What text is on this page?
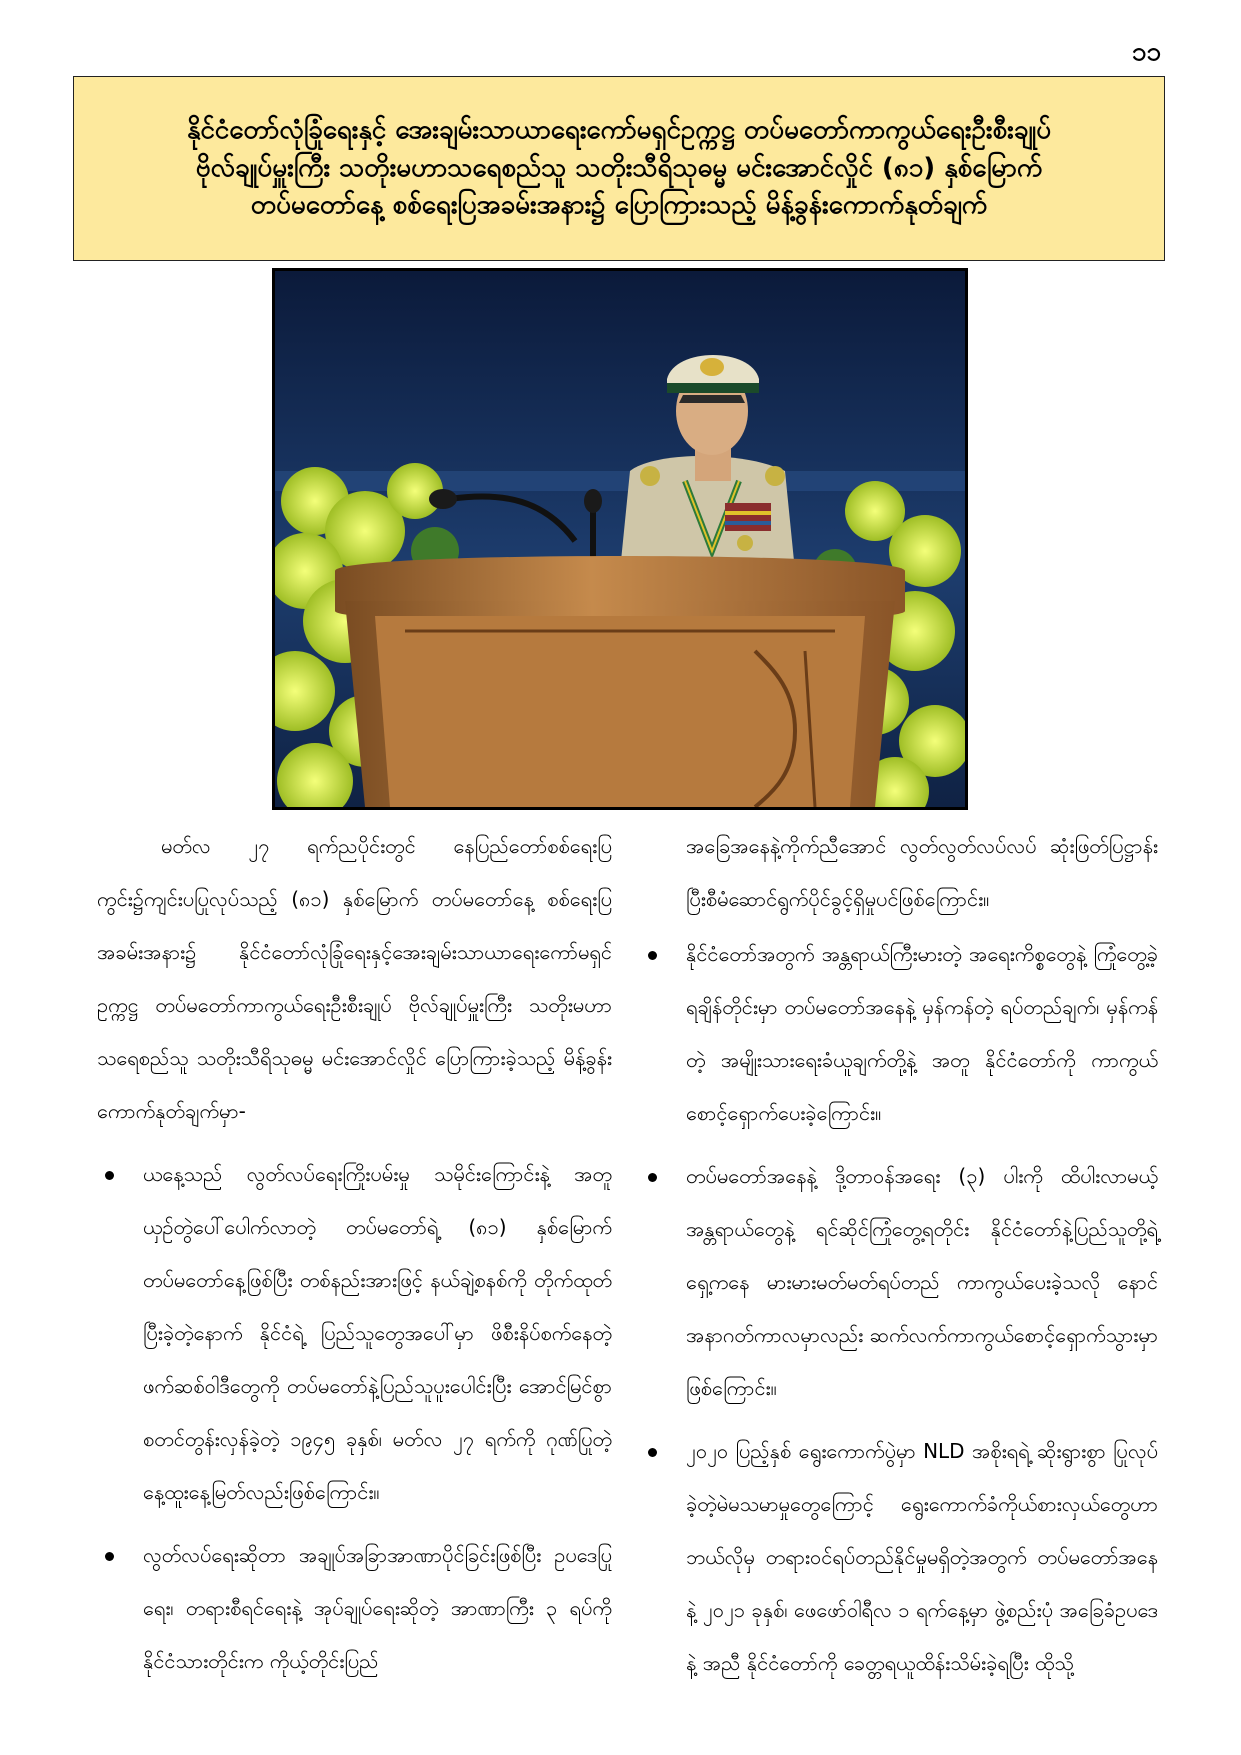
၁၁
နိုင်ငံတော်လုံခြုံရေးနှင့် အေးချမ်းသာယာရေးကော်မရှင်ဥက္ကဋ္ဌ တပ်မတော်ကာကွယ်ရေးဦးစီးချုပ်
ဗိုလ်ချုပ်မှူးကြီး သတိုးမဟာသရေစည်သူ သတိုးသီရိသုဓမ္မ မင်းအောင်လှိုင် (၈၁) နှစ်မြောက်
တပ်မတော်နေ့ စစ်ရေးပြအခမ်းအနား၌ ပြောကြားသည့် မိန့်ခွန်းကောက်နုတ်ချက်

မတ်လ ၂၇ ရက်ညပိုင်းတွင် နေပြည်တော်စစ်ရေးပြကွင်း၌ကျင်းပပြုလုပ်သည့် (၈၁) နှစ်မြောက် တပ်မတော်နေ့ စစ်ရေးပြအခမ်းအနား၌ နိုင်ငံတော်လုံခြုံရေးနှင့်အေးချမ်းသာယာရေးကော်မရှင်ဥက္ကဋ္ဌ တပ်မတော်ကာကွယ်ရေးဦးစီးချုပ် ဗိုလ်ချုပ်မှူးကြီး သတိုးမဟာသရေစည်သူ သတိုးသီရိသုဓမ္မ မင်းအောင်လှိုင် ပြောကြားခဲ့သည့် မိန့်ခွန်းကောက်နုတ်ချက်မှာ-

ယနေ့သည် လွတ်လပ်ရေးကြိုးပမ်းမှု သမိုင်းကြောင်းနဲ့ အတူ ယှဉ်တွဲပေါ်ပေါက်လာတဲ့ တပ်မတော်ရဲ့ (၈၁) နှစ်မြောက် တပ်မတော်နေ့ဖြစ်ပြီး တစ်နည်းအားဖြင့် နယ်ချဲ့စနစ်ကို တိုက်ထုတ်ပြီးခဲ့တဲ့နောက် နိုင်ငံရဲ့ ပြည်သူတွေအပေါ်မှာ ဖိစီးနိပ်စက်နေတဲ့ ဖက်ဆစ်ဝါဒီတွေကို တပ်မတော်နဲ့ပြည်သူပူးပေါင်းပြီး အောင်မြင်စွာ စတင်တွန်းလှန်ခဲ့တဲ့ ၁၉၄၅ ခုနှစ်၊ မတ်လ ၂၇ ရက်ကို ဂုဏ်ပြုတဲ့ နေ့ထူးနေ့မြတ်လည်းဖြစ်ကြောင်း။
လွတ်လပ်ရေးဆိုတာ အချုပ်အခြာအာဏာပိုင်ခြင်းဖြစ်ပြီး ဥပဒေပြုရေး၊ တရားစီရင်ရေးနဲ့ အုပ်ချုပ်ရေးဆိုတဲ့ အာဏာကြီး ၃ ရပ်ကို နိုင်ငံသားတိုင်းက ကိုယ့်တိုင်းပြည်

အခြေအနေနဲ့ကိုက်ညီအောင် လွတ်လွတ်လပ်လပ် ဆုံးဖြတ်ပြဋ္ဌာန်းပြီးစီမံဆောင်ရွက်ပိုင်ခွင့်ရှိမှုပင်ဖြစ်ကြောင်း။

နိုင်ငံတော်အတွက် အန္တရာယ်ကြီးမားတဲ့ အရေးကိစ္စတွေနဲ့ ကြုံတွေ့ခဲ့ရချိန်တိုင်းမှာ တပ်မတော်အနေနဲ့ မှန်ကန်တဲ့ ရပ်တည်ချက်၊ မှန်ကန်တဲ့ အမျိုးသားရေးခံယူချက်တို့နဲ့ အတူ နိုင်ငံတော်ကို ကာကွယ်စောင့်ရှောက်ပေးခဲ့ကြောင်း။
တပ်မတော်အနေနဲ့ ဒို့တာဝန်အရေး (၃) ပါးကို ထိပါးလာမယ့်အန္တရာယ်တွေနဲ့ ရင်ဆိုင်ကြုံတွေ့ရတိုင်း နိုင်ငံတော်နဲ့ပြည်သူတို့ရဲ့ ရှေ့ကနေ မားမားမတ်မတ်ရပ်တည် ကာကွယ်ပေးခဲ့သလို နောင်အနာဂတ်ကာလမှာလည်း ဆက်လက်ကာကွယ်စောင့်ရှောက်သွားမှာဖြစ်ကြောင်း။
၂၀၂၀ ပြည့်နှစ် ရွေးကောက်ပွဲမှာ NLD အစိုးရရဲ့ ဆိုးရွားစွာ ပြုလုပ်ခဲ့တဲ့မဲမသမာမှုတွေကြောင့် ရွေးကောက်ခံကိုယ်စားလှယ်တွေဟာ ဘယ်လိုမှ တရားဝင်ရပ်တည်နိုင်မှုမရှိတဲ့အတွက် တပ်မတော်အနေနဲ့ ၂၀၂၁ ခုနှစ်၊ ဖေဖော်ဝါရီလ ၁ ရက်နေ့မှာ ဖွဲ့စည်းပုံ အခြေခံဥပဒေနဲ့ အညီ နိုင်ငံတော်ကို ခေတ္တရယူထိန်းသိမ်းခဲ့ရပြီး ထိုသို့
